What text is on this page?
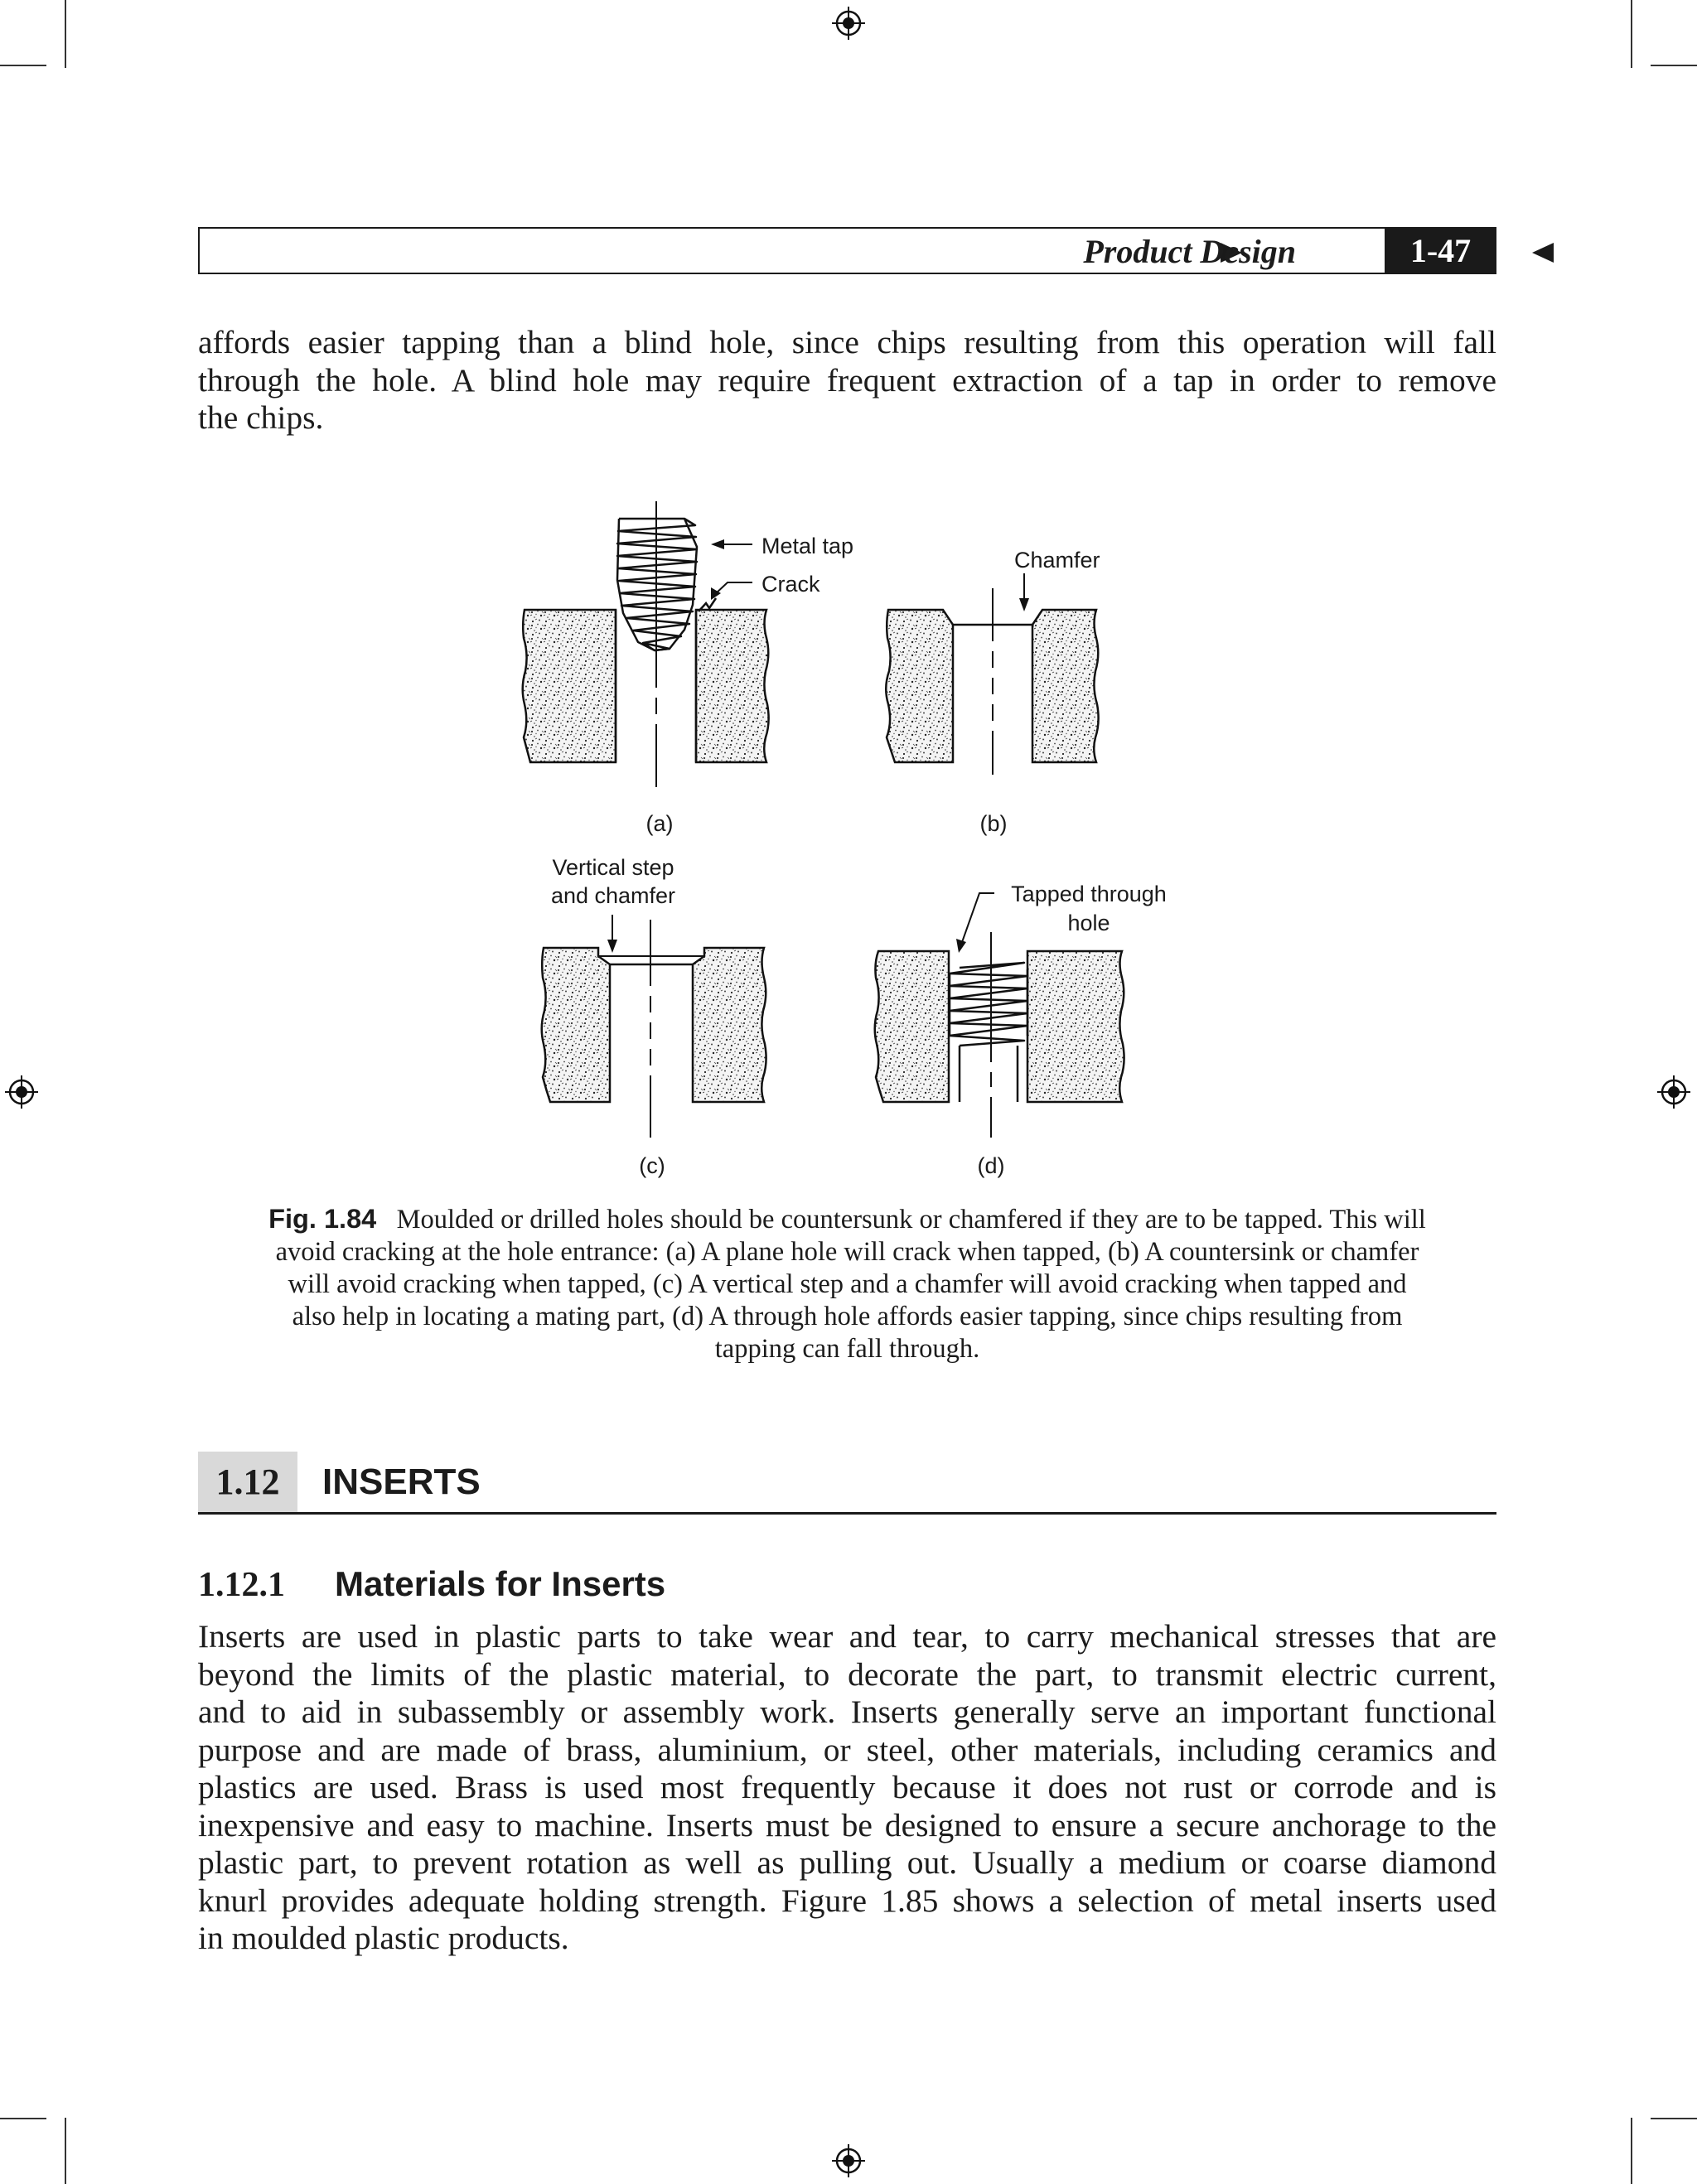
Product Design	1-47

affords easier tapping than a blind hole, since chips resulting from this operation will fall
through the hole. A blind hole may require frequent extraction of a tap in order to remove
the chips.

Metal tap
Crack
Chamfer
Vertical step
and chamfer	Tapped through
hole
(a)	(b)
(c)	(d)

Fig. 1.84 Moulded or drilled holes should be countersunk or chamfered if they are to be tapped. This will
avoid cracking at the hole entrance: (a) A plane hole will crack when tapped, (b) A countersink or chamfer
will avoid cracking when tapped, (c) A vertical step and a chamfer will avoid cracking when tapped and
also help in locating a mating part, (d) A through hole affords easier tapping, since chips resulting from
tapping can fall through.

1.12	INSERTS
1.12.1 Materials for Inserts

Inserts are used in plastic parts to take wear and tear, to carry mechanical stresses that are
beyond the limits of the plastic material, to decorate the part, to transmit electric current,
and to aid in subassembly or assembly work. Inserts generally serve an important functional
purpose and are made of brass, aluminium, or steel, other materials, including ceramics and
plastics are used. Brass is used most frequently because it does not rust or corrode and is
inexpensive and easy to machine. Inserts must be designed to ensure a secure anchorage to the
plastic part, to prevent rotation as well as pulling out. Usually a medium or coarse diamond
knurl provides adequate holding strength. Figure 1.85 shows a selection of metal inserts used
in moulded plastic products.
